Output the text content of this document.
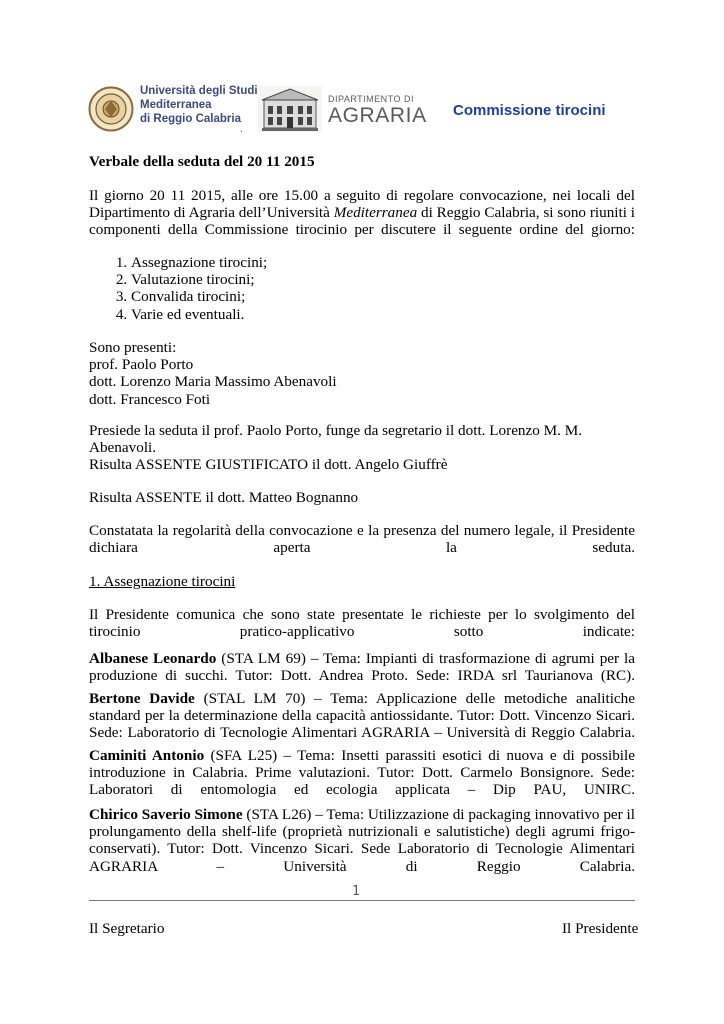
Università degli Studi
Mediterranea
di Reggio Calabria
.
DIPARTIMENTO DI
AGRARIA Commissione tirocini
Verbale della seduta del 20 11 2015
Il giorno 20 11 2015, alle ore 15.00 a seguito di regolare convocazione, nei locali del Dipartimento di Agraria dell’Università Mediterranea di Reggio Calabria, si sono riuniti i componenti della Commissione tirocinio per discutere il seguente ordine del giorno:
1. Assegnazione tirocini;
2. Valutazione tirocini;
3. Convalida tirocini;
4. Varie ed eventuali.
Sono presenti:
prof. Paolo Porto
dott. Lorenzo Maria Massimo Abenavoli
dott. Francesco Foti
Presiede la seduta il prof. Paolo Porto, funge da segretario il dott. Lorenzo M. M. Abenavoli.
Risulta ASSENTE GIUSTIFICATO il dott. Angelo Giuffrè
Risulta ASSENTE il dott. Matteo Bognanno
Constatata la regolarità della convocazione e la presenza del numero legale, il Presidente dichiara aperta la seduta.
1. Assegnazione tirocini
Il Presidente comunica che sono state presentate le richieste per lo svolgimento del tirocinio pratico-applicativo sotto indicate:
Albanese Leonardo (STA LM 69) – Tema: Impianti di trasformazione di agrumi per la produzione di succhi. Tutor: Dott. Andrea Proto. Sede: IRDA srl Taurianova (RC).
Bertone Davide (STAL LM 70) – Tema: Applicazione delle metodiche analitiche standard per la determinazione della capacità antiossidante. Tutor: Dott. Vincenzo Sicari. Sede: Laboratorio di Tecnologie Alimentari AGRARIA – Università di Reggio Calabria.
Caminiti Antonio (SFA L25) – Tema: Insetti parassiti esotici di nuova e di possibile introduzione in Calabria. Prime valutazioni. Tutor: Dott. Carmelo Bonsignore. Sede: Laboratori di entomologia ed ecologia applicata – Dip PAU, UNIRC.
Chirico Saverio Simone (STA L26) – Tema: Utilizzazione di packaging innovativo per il prolungamento della shelf-life (proprietà nutrizionali e salutistiche) degli agrumi frigo-conservati). Tutor: Dott. Vincenzo Sicari. Sede Laboratorio di Tecnologie Alimentari AGRARIA – Università di Reggio Calabria.
1
Il Segretario	Il Presidente
